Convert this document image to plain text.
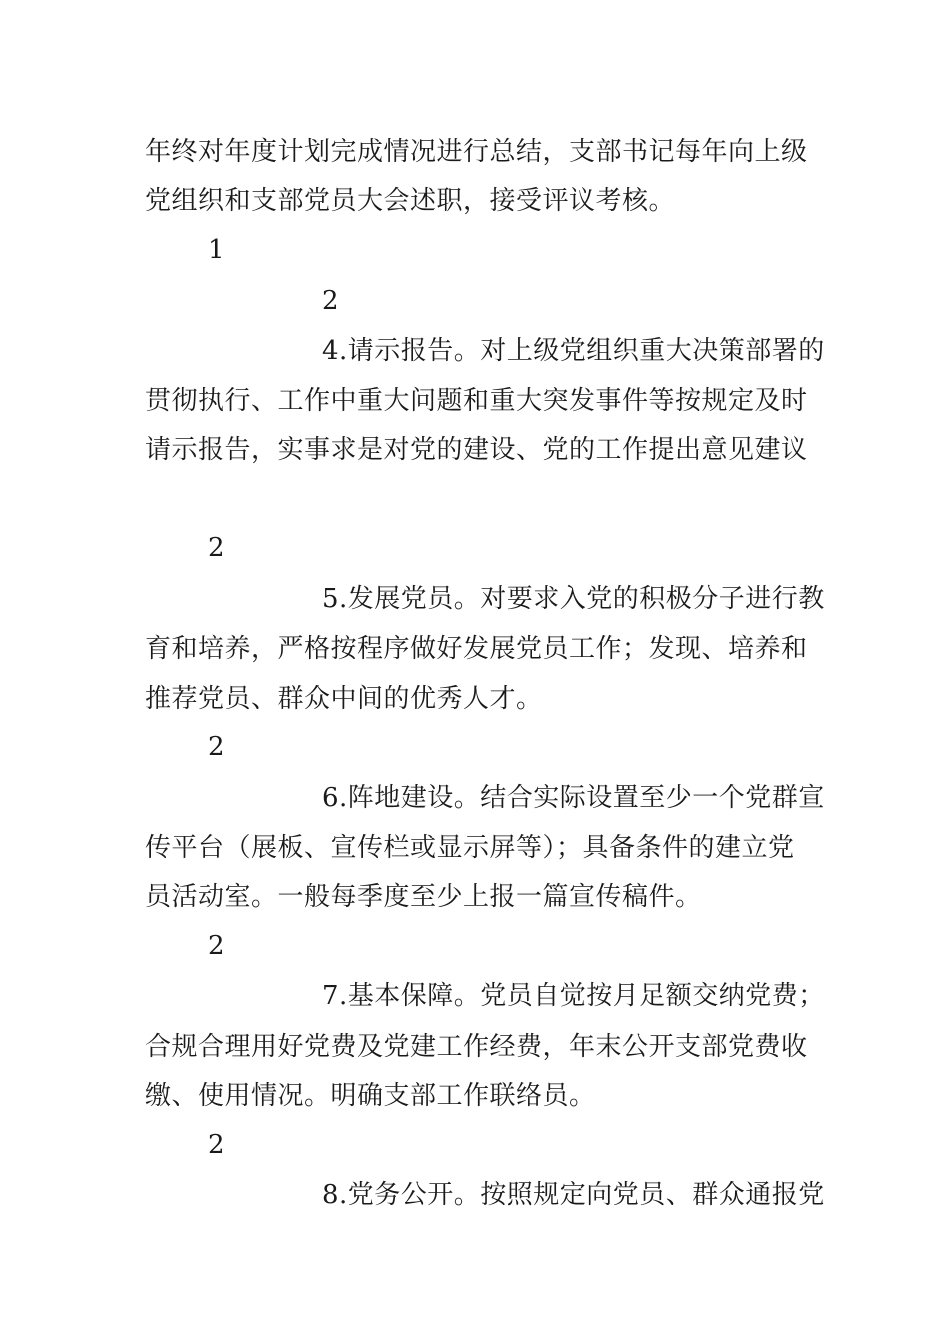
年终对年度计划完成情况进行总结，支部书记每年向上级
党组织和支部党员大会述职，接受评议考核。
1
2
4.请示报告。对上级党组织重大决策部署的
贯彻执行、工作中重大问题和重大突发事件等按规定及时
请示报告，实事求是对党的建设、党的工作提出意见建议
2
5.发展党员。对要求入党的积极分子进行教
育和培养，严格按程序做好发展党员工作；发现、培养和
推荐党员、群众中间的优秀人才。
2
6.阵地建设。结合实际设置至少一个党群宣
传平台（展板、宣传栏或显示屏等）；具备条件的建立党
员活动室。一般每季度至少上报一篇宣传稿件。
2
7.基本保障。党员自觉按月足额交纳党费；
合规合理用好党费及党建工作经费，年末公开支部党费收
缴、使用情况。明确支部工作联络员。
2
8.党务公开。按照规定向党员、群众通报党
